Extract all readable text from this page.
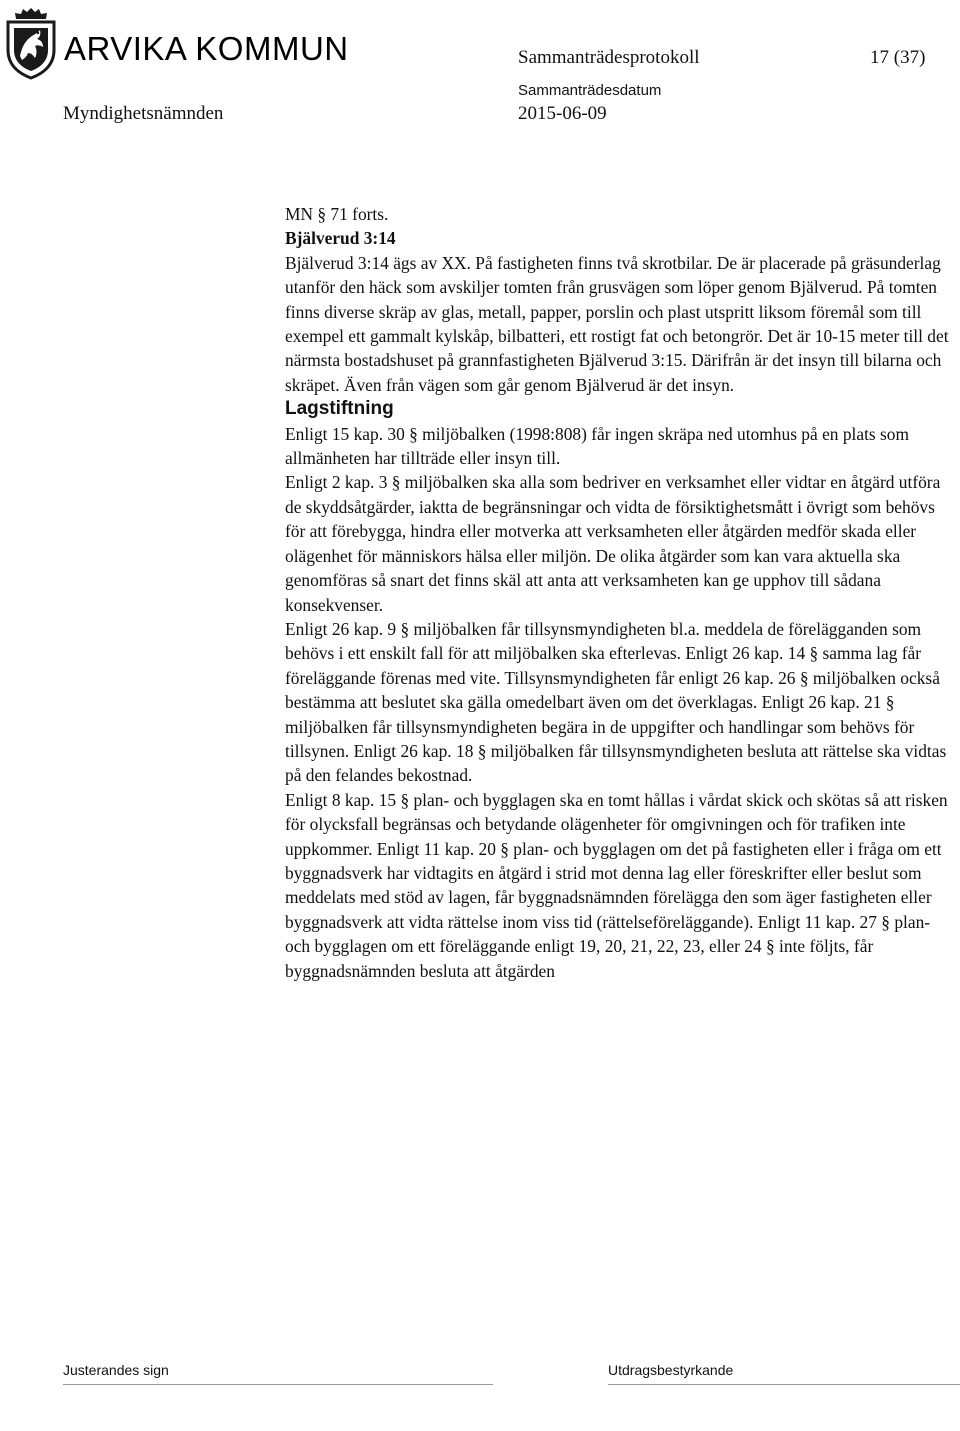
ARVIKA KOMMUN	Sammanträdesprotokoll	17 (37)
Myndighetsnämnden
Sammanträdesdatum
2015-06-09

MN § 71 forts.

Bjälverud 3:14

Bjälverud 3:14 ägs av XX. På fastigheten finns två skrotbilar. De är placerade på gräsunderlag utanför den häck som avskiljer tomten från grusvägen som löper genom Bjälverud. På tomten finns diverse skräp av glas, metall, papper, porslin och plast utspritt liksom föremål som till exempel ett gammalt kylskåp, bilbatteri, ett rostigt fat och betongrör. Det är 10-15 meter till det närmsta bostadshuset på grannfastigheten Bjälverud 3:15. Därifrån är det insyn till bilarna och skräpet. Även från vägen som går genom Bjälverud är det insyn.

Lagstiftning

Enligt 15 kap. 30 § miljöbalken (1998:808) får ingen skräpa ned utomhus på en plats som allmänheten har tillträde eller insyn till.

Enligt 2 kap. 3 § miljöbalken ska alla som bedriver en verksamhet eller vidtar en åtgärd utföra de skyddsåtgärder, iaktta de begränsningar och vidta de försiktighetsmått i övrigt som behövs för att förebygga, hindra eller motverka att verksamheten eller åtgärden medför skada eller olägenhet för människors hälsa eller miljön. De olika åtgärder som kan vara aktuella ska genomföras så snart det finns skäl att anta att verksamheten kan ge upphov till sådana konsekvenser.

Enligt 26 kap. 9 § miljöbalken får tillsynsmyndigheten bl.a. meddela de förelägganden som behövs i ett enskilt fall för att miljöbalken ska efterlevas. Enligt 26 kap. 14 § samma lag får föreläggande förenas med vite. Tillsynsmyndigheten får enligt 26 kap. 26 § miljöbalken också bestämma att beslutet ska gälla omedelbart även om det överklagas. Enligt 26 kap. 21 § miljöbalken får tillsynsmyndigheten begära in de uppgifter och handlingar som behövs för tillsynen. Enligt 26 kap. 18 § miljöbalken får tillsynsmyndigheten besluta att rättelse ska vidtas på den felandes bekostnad.

Enligt 8 kap. 15 § plan- och bygglagen ska en tomt hållas i vårdat skick och skötas så att risken för olycksfall begränsas och betydande olägenheter för omgivningen och för trafiken inte uppkommer. Enligt 11 kap. 20 § plan- och bygglagen om det på fastigheten eller i fråga om ett byggnadsverk har vidtagits en åtgärd i strid mot denna lag eller föreskrifter eller beslut som meddelats med stöd av lagen, får byggnadsnämnden förelägga den som äger fastigheten eller byggnadsverk att vidta rättelse inom viss tid (rättelseföreläggande). Enligt 11 kap. 27 § plan- och bygglagen om ett föreläggande enligt 19, 20, 21, 22, 23, eller 24 § inte följts, får byggnadsnämnden besluta att åtgärden

Justerandes sign	Utdragsbestyrkande
